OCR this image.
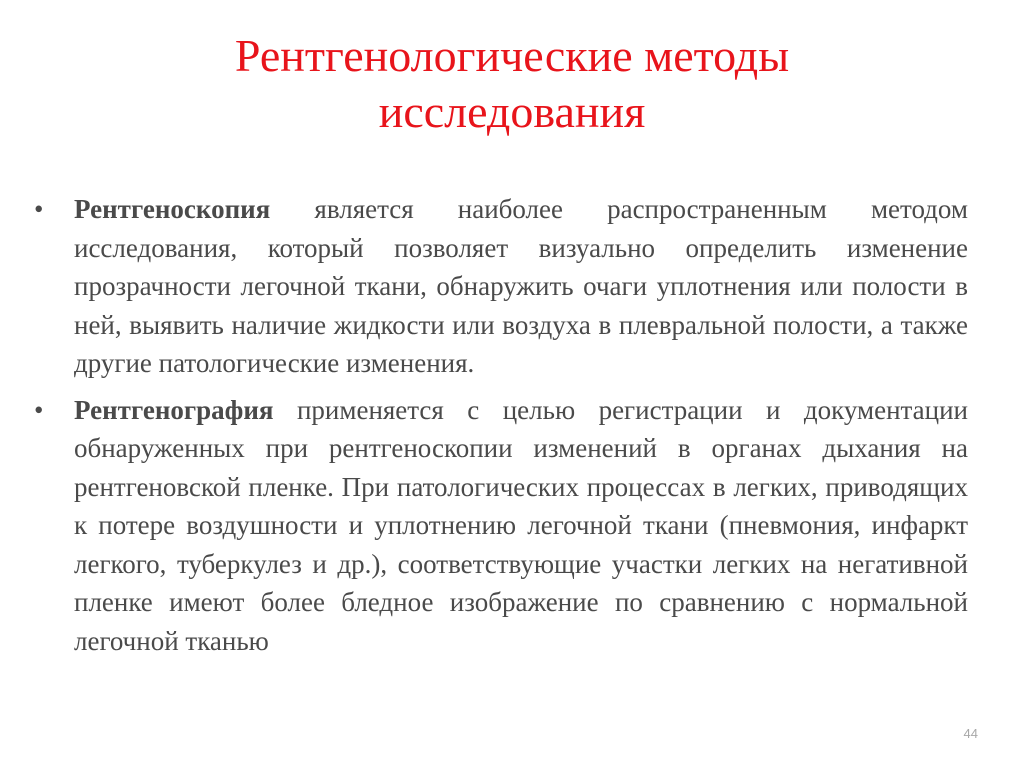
Рентгенологические методы
исследования
•	Рентгеноскопия является наиболее распространенным методом исследования, который позволяет визуально определить изменение прозрачности легочной ткани, обнаружить очаги уплотнения или полости в ней, выявить наличие жидкости или воздуха в плевральной полости, а также другие патологические изменения.
•	Рентгенография применяется с целью регистрации и документации обнаруженных при рентгеноскопии изменений в органах дыхания на рентгеновской пленке. При патологических процессах в легких, приводящих к потере воздушности и уплотнению легочной ткани (пневмония, инфаркт легкого, туберкулез и др.), соответствующие участки легких на негативной пленке имеют более бледное изображение по сравнению с нормальной легочной тканью
44
